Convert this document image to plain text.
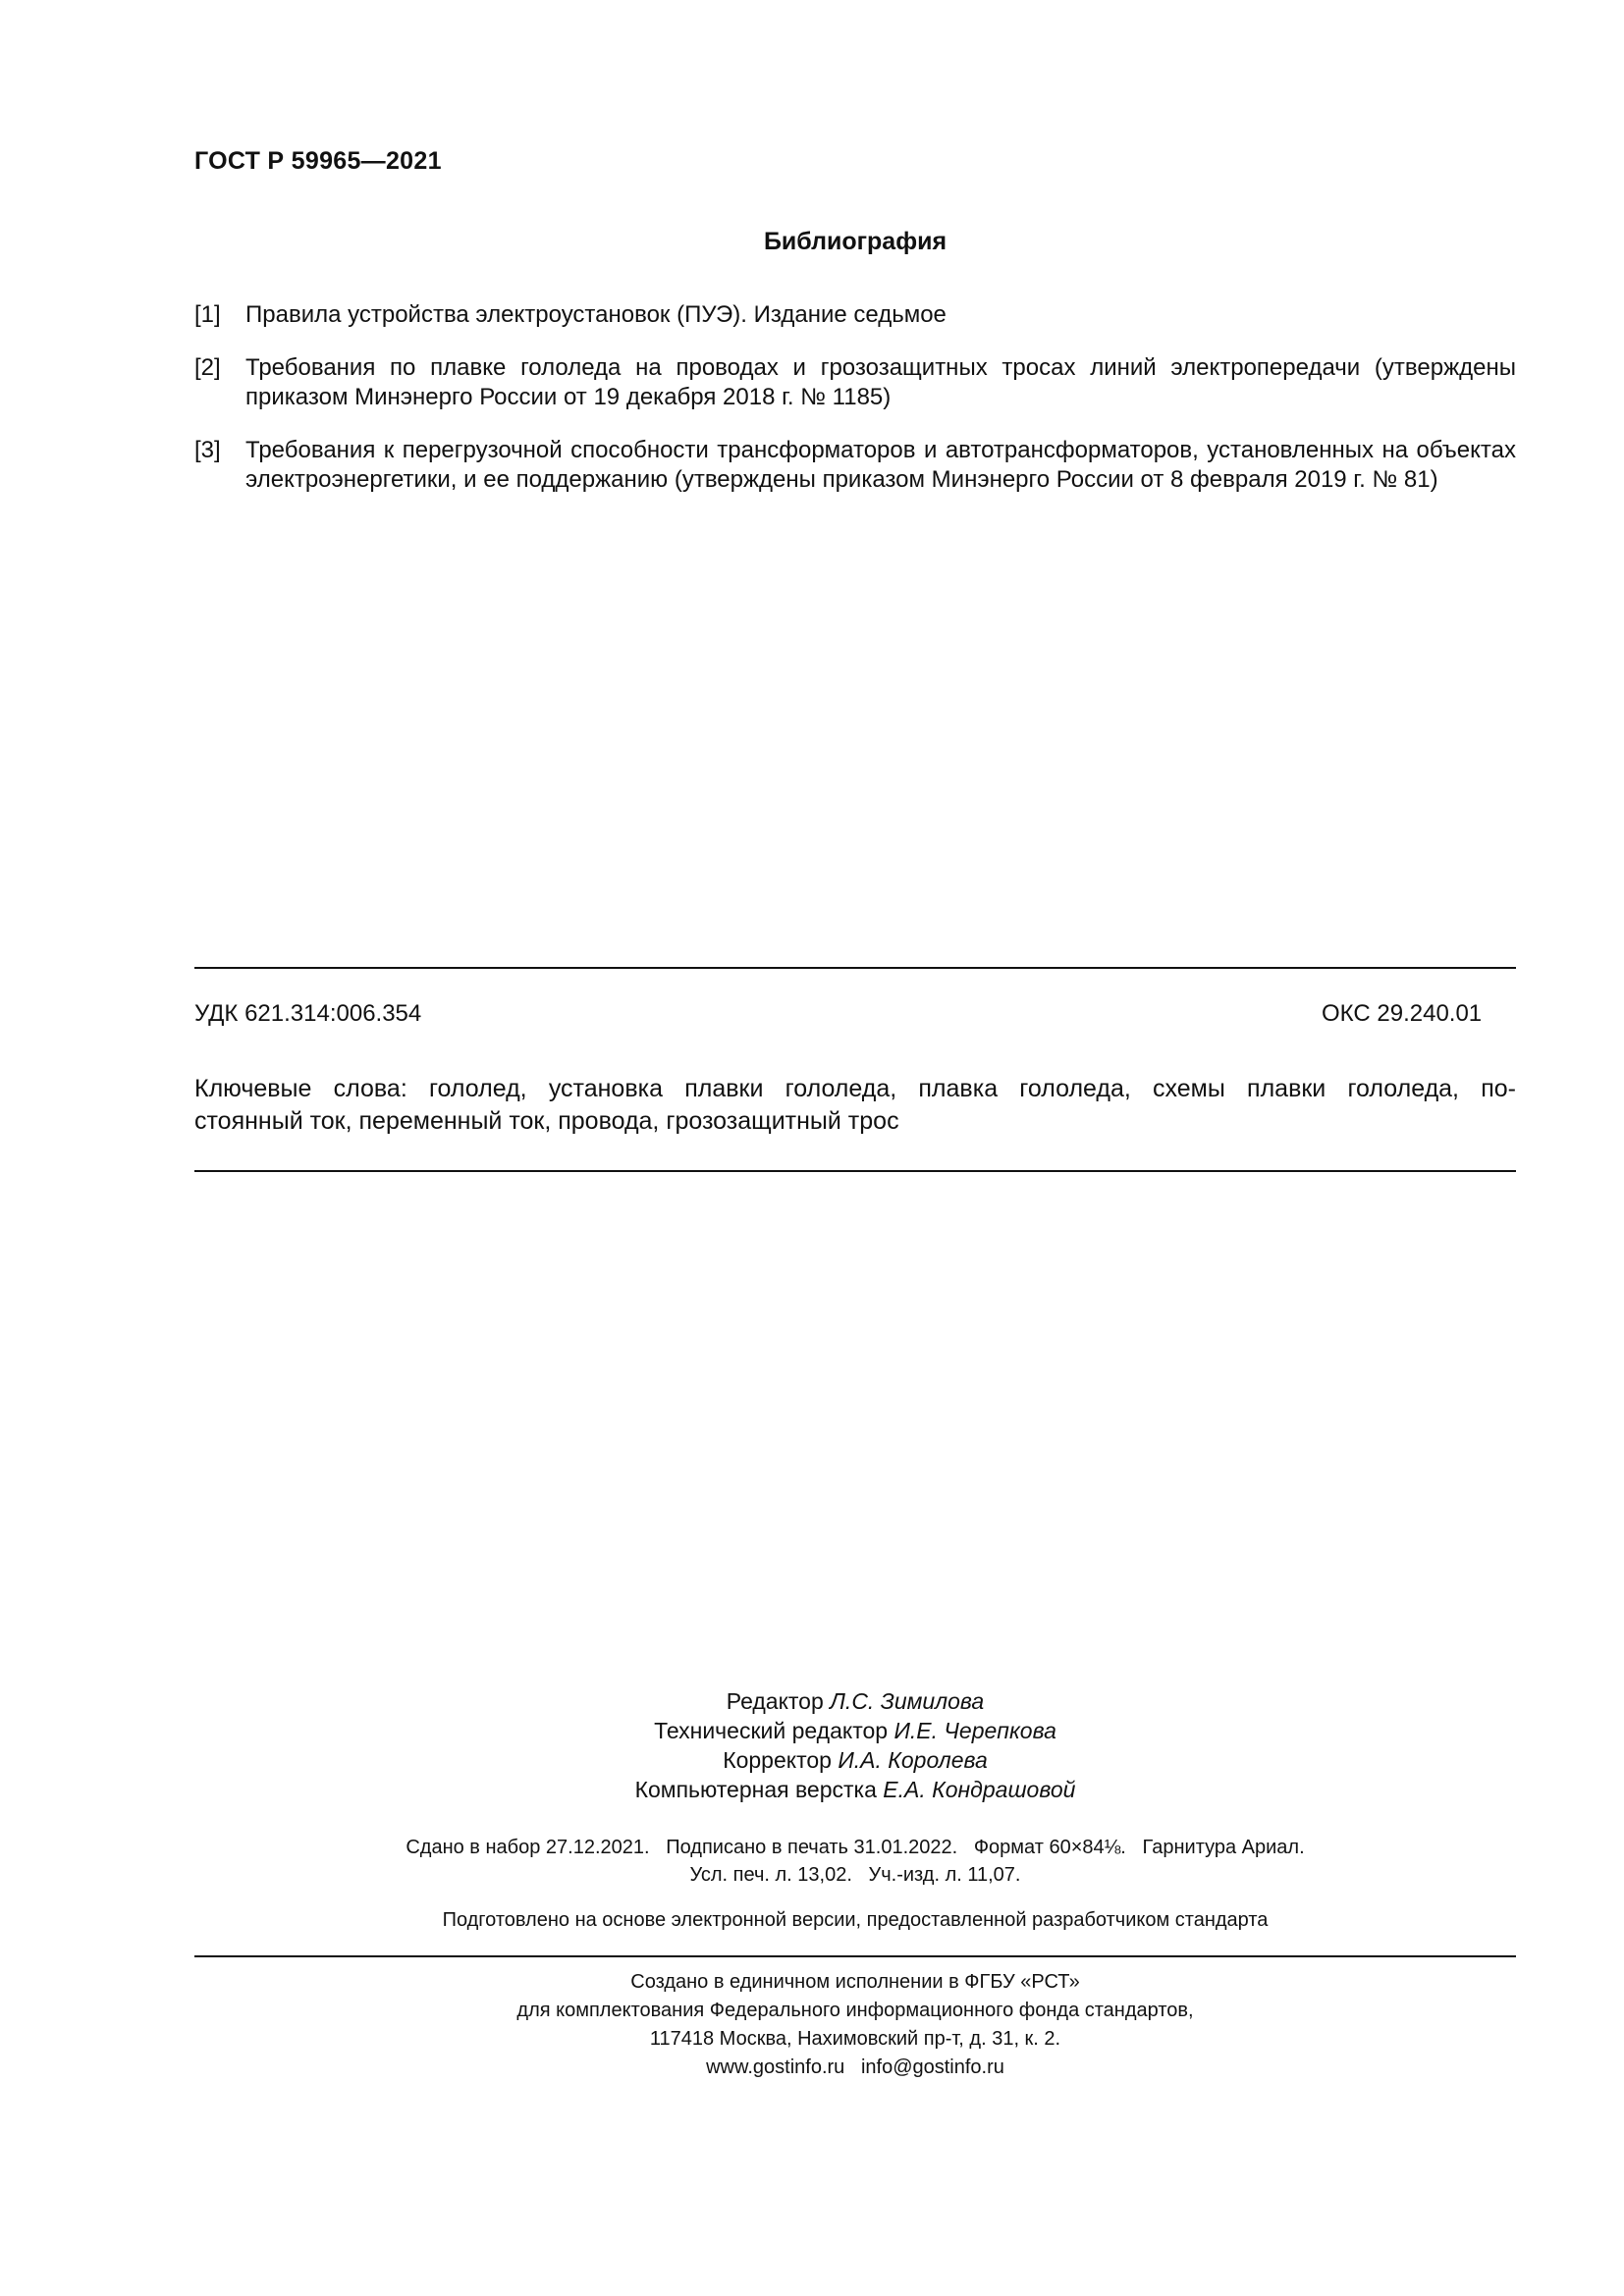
ГОСТ Р 59965—2021
Библиография
[1] Правила устройства электроустановок (ПУЭ). Издание седьмое
[2] Требования по плавке гололеда на проводах и грозозащитных тросах линий электропередачи (утверждены приказом Минэнерго России от 19 декабря 2018 г. № 1185)
[3] Требования к перегрузочной способности трансформаторов и автотрансформаторов, установленных на объектах электроэнергетики, и ее поддержанию (утверждены приказом Минэнерго России от 8 февраля 2019 г. № 81)
УДК 621.314:006.354	ОКС 29.240.01
Ключевые слова: гололед, установка плавки гололеда, плавка гололеда, схемы плавки гололеда, по-
стоянный ток, переменный ток, провода, грозозащитный трос
Редактор Л.С. Зимилова
Технический редактор И.Е. Черепкова
Корректор И.А. Королева
Компьютерная верстка Е.А. Кондрашовой
Сдано в набор 27.12.2021.   Подписано в печать 31.01.2022.   Формат 60×84⅛.   Гарнитура Ариал.
Усл. печ. л. 13,02.   Уч.-изд. л. 11,07.
Подготовлено на основе электронной версии, предоставленной разработчиком стандарта
Создано в единичном исполнении в ФГБУ «РСТ»
для комплектования Федерального информационного фонда стандартов,
117418 Москва, Нахимовский пр-т, д. 31, к. 2.
www.gostinfo.ru   info@gostinfo.ru
